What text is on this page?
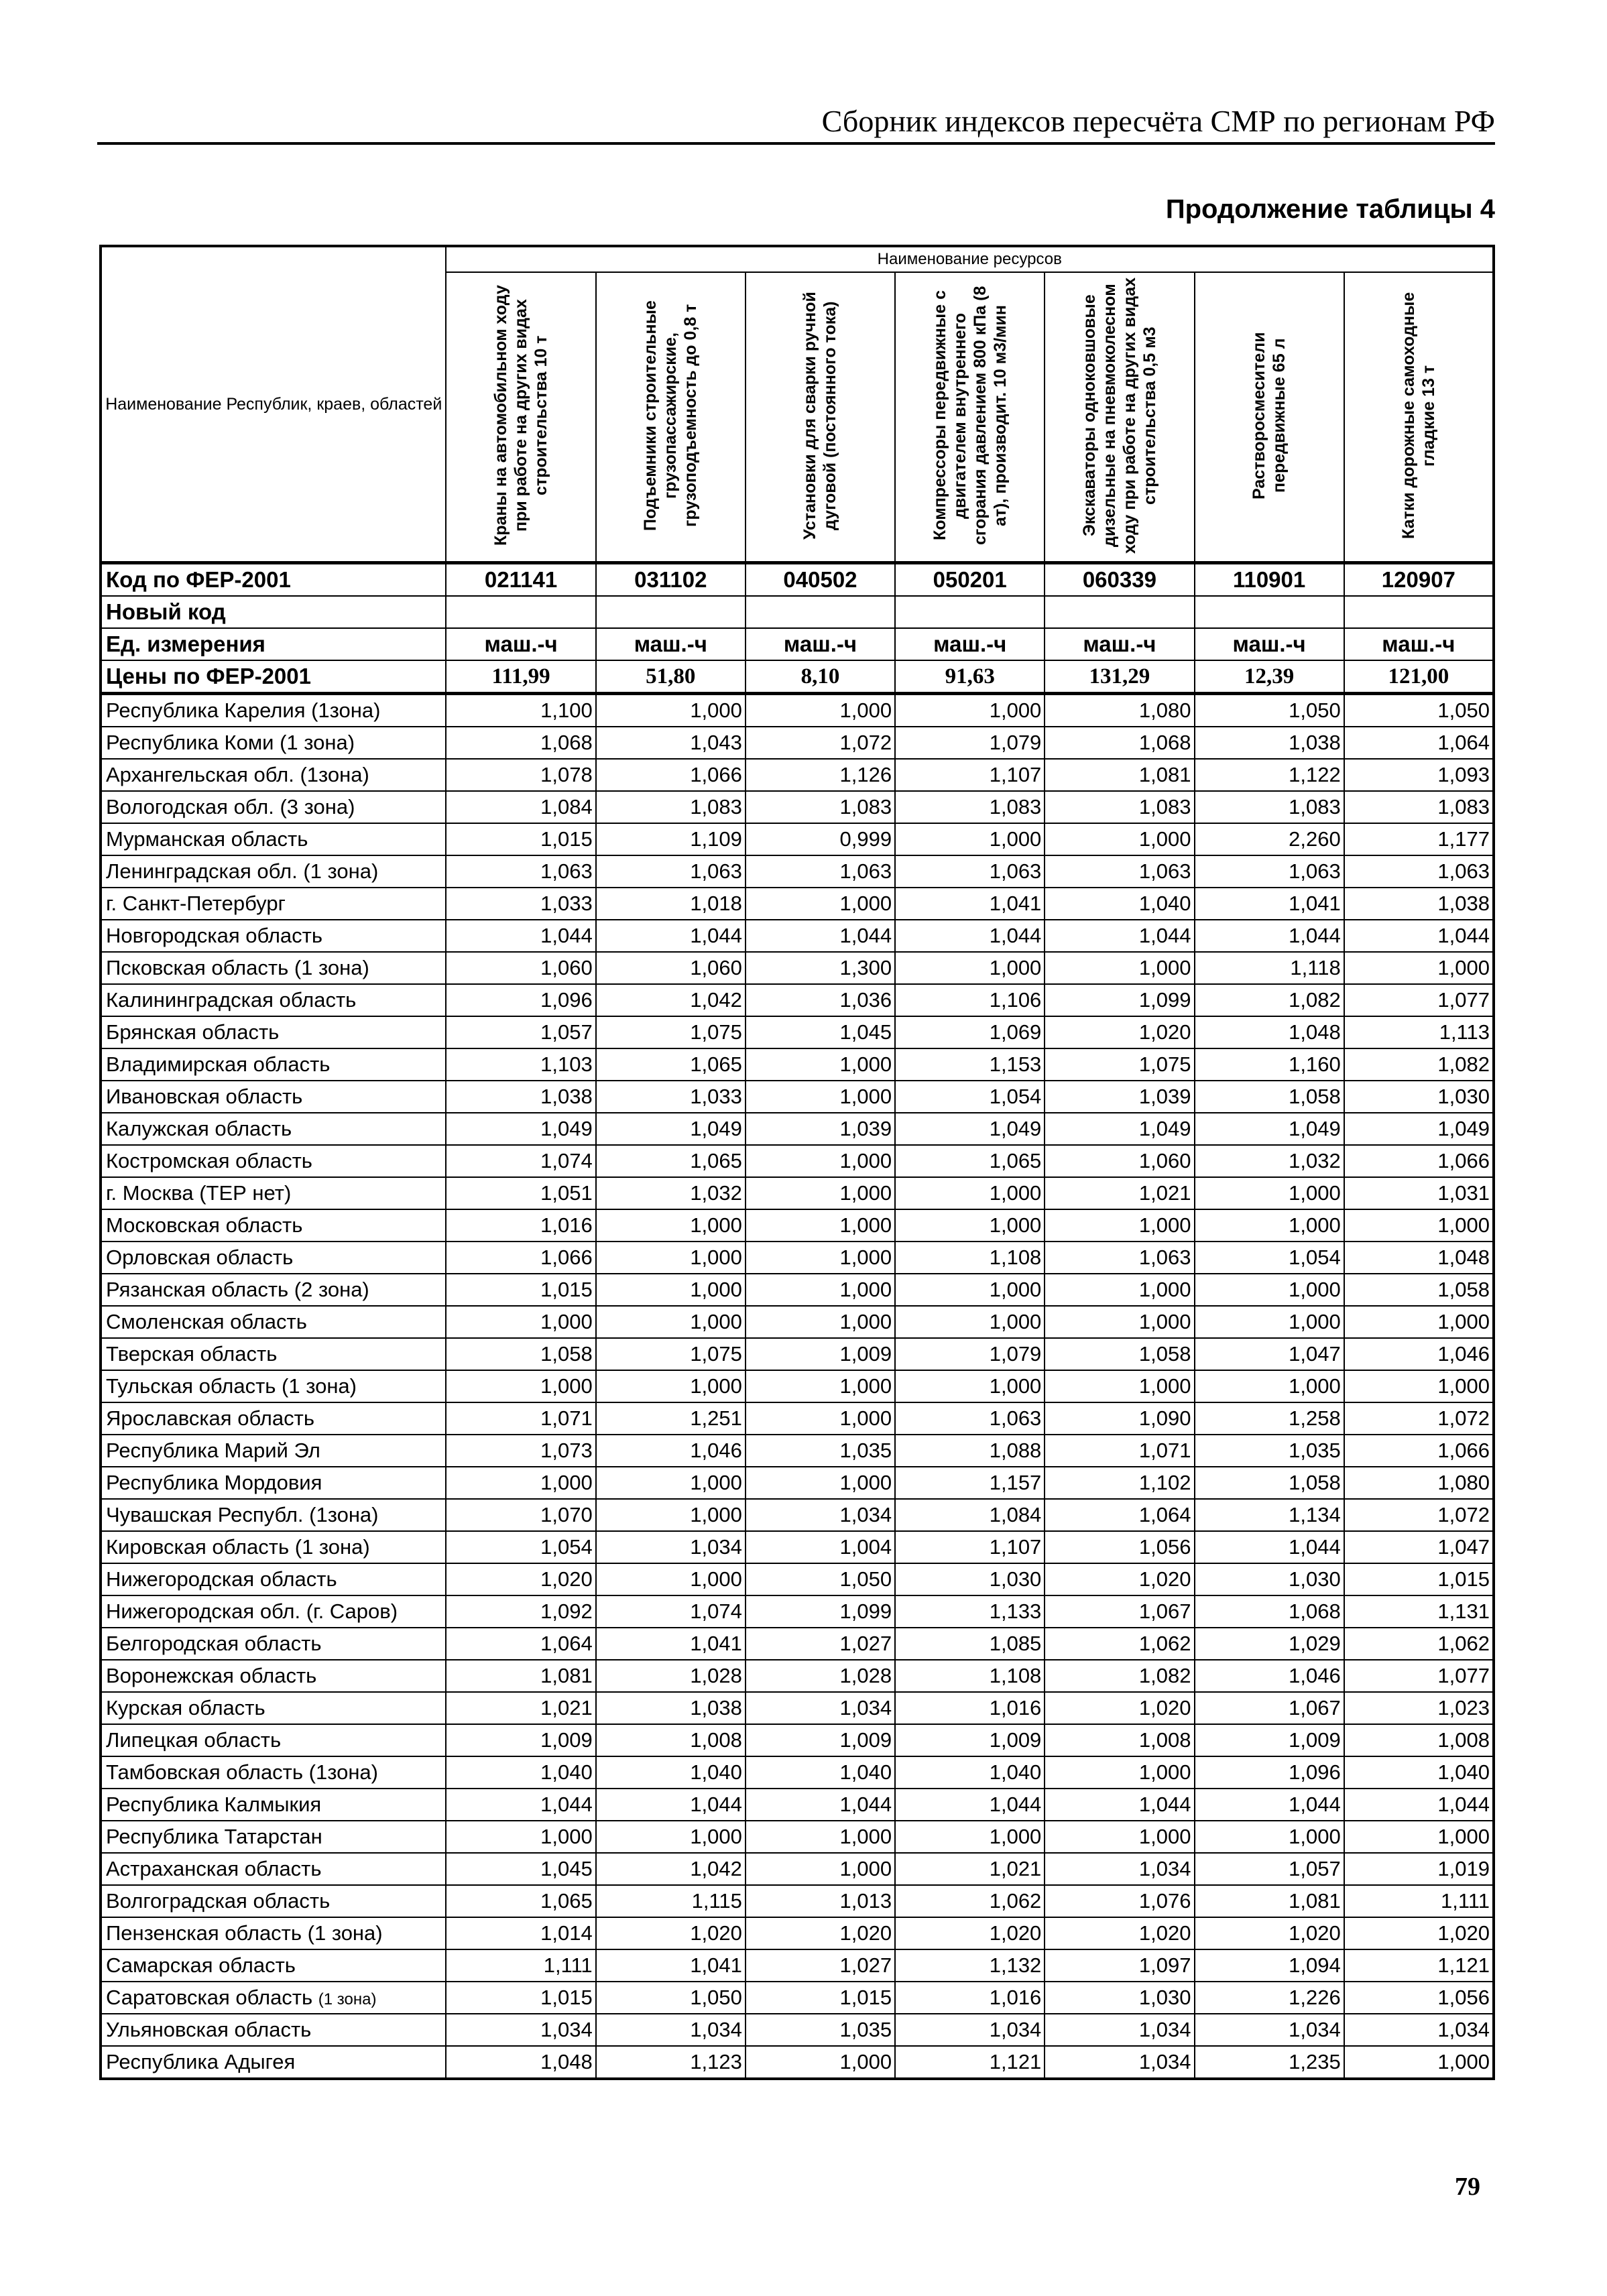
Сборник индексов пересчёта СМР по регионам РФ
Продолжение таблицы 4
Наименование Республик, краев, областей	Наименование ресурсов						
	Краны на автомобильном ходу при работе на других видах строительства 10 т	Подъемники строительные грузопассажирские, грузоподъемность до 0,8 т	Установки для сварки ручной дуговой (постоянного тока)	Компрессоры передвижные с двигателем внутреннего сгорания давлением 800 кПа (8 ат), производит. 10 м3/мин	Экскаваторы одноковшовые дизельные на пневмоколесном ходу при работе на других видах строительства 0,5 м3	Растворосмесители передвижные 65 л	Катки дорожные самоходные гладкие 13 т
Код по ФЕР-2001	021141	031102	040502	050201	060339	110901	120907
Новый код							
Ед. измерения	маш.-ч	маш.-ч	маш.-ч	маш.-ч	маш.-ч	маш.-ч	маш.-ч
Цены по ФЕР-2001	111,99	51,80	8,10	91,63	131,29	12,39	121,00
Республика Карелия (1зона)	1,100	1,000	1,000	1,000	1,080	1,050	1,050
Республика Коми (1 зона)	1,068	1,043	1,072	1,079	1,068	1,038	1,064
Архангельская обл. (1зона)	1,078	1,066	1,126	1,107	1,081	1,122	1,093
Вологодская обл. (3 зона)	1,084	1,083	1,083	1,083	1,083	1,083	1,083
Мурманская область	1,015	1,109	0,999	1,000	1,000	2,260	1,177
Ленинградская обл. (1 зона)	1,063	1,063	1,063	1,063	1,063	1,063	1,063
г. Санкт-Петербург	1,033	1,018	1,000	1,041	1,040	1,041	1,038
Новгородская область	1,044	1,044	1,044	1,044	1,044	1,044	1,044
Псковская область (1 зона)	1,060	1,060	1,300	1,000	1,000	1,118	1,000
Калининградская область	1,096	1,042	1,036	1,106	1,099	1,082	1,077
Брянская область	1,057	1,075	1,045	1,069	1,020	1,048	1,113
Владимирская область	1,103	1,065	1,000	1,153	1,075	1,160	1,082
Ивановская область	1,038	1,033	1,000	1,054	1,039	1,058	1,030
Калужская область	1,049	1,049	1,039	1,049	1,049	1,049	1,049
Костромская область	1,074	1,065	1,000	1,065	1,060	1,032	1,066
г. Москва (ТЕР нет)	1,051	1,032	1,000	1,000	1,021	1,000	1,031
Московская область	1,016	1,000	1,000	1,000	1,000	1,000	1,000
Орловская область	1,066	1,000	1,000	1,108	1,063	1,054	1,048
Рязанская область (2 зона)	1,015	1,000	1,000	1,000	1,000	1,000	1,058
Смоленская область	1,000	1,000	1,000	1,000	1,000	1,000	1,000
Тверская область	1,058	1,075	1,009	1,079	1,058	1,047	1,046
Тульская область (1 зона)	1,000	1,000	1,000	1,000	1,000	1,000	1,000
Ярославская область	1,071	1,251	1,000	1,063	1,090	1,258	1,072
Республика Марий Эл	1,073	1,046	1,035	1,088	1,071	1,035	1,066
Республика Мордовия	1,000	1,000	1,000	1,157	1,102	1,058	1,080
Чувашская Республ. (1зона)	1,070	1,000	1,034	1,084	1,064	1,134	1,072
Кировская область (1 зона)	1,054	1,034	1,004	1,107	1,056	1,044	1,047
Нижегородская область	1,020	1,000	1,050	1,030	1,020	1,030	1,015
Нижегородская обл. (г. Саров)	1,092	1,074	1,099	1,133	1,067	1,068	1,131
Белгородская область	1,064	1,041	1,027	1,085	1,062	1,029	1,062
Воронежская область	1,081	1,028	1,028	1,108	1,082	1,046	1,077
Курская область	1,021	1,038	1,034	1,016	1,020	1,067	1,023
Липецкая область	1,009	1,008	1,009	1,009	1,008	1,009	1,008
Тамбовская область (1зона)	1,040	1,040	1,040	1,040	1,000	1,096	1,040
Республика Калмыкия	1,044	1,044	1,044	1,044	1,044	1,044	1,044
Республика Татарстан	1,000	1,000	1,000	1,000	1,000	1,000	1,000
Астраханская область	1,045	1,042	1,000	1,021	1,034	1,057	1,019
Волгоградская область	1,065	1,115	1,013	1,062	1,076	1,081	1,111
Пензенская область (1 зона)	1,014	1,020	1,020	1,020	1,020	1,020	1,020
Самарская область	1,111	1,041	1,027	1,132	1,097	1,094	1,121
Саратовская область (1 зона)	1,015	1,050	1,015	1,016	1,030	1,226	1,056
Ульяновская область	1,034	1,034	1,035	1,034	1,034	1,034	1,034
Республика Адыгея	1,048	1,123	1,000	1,121	1,034	1,235	1,000
79
